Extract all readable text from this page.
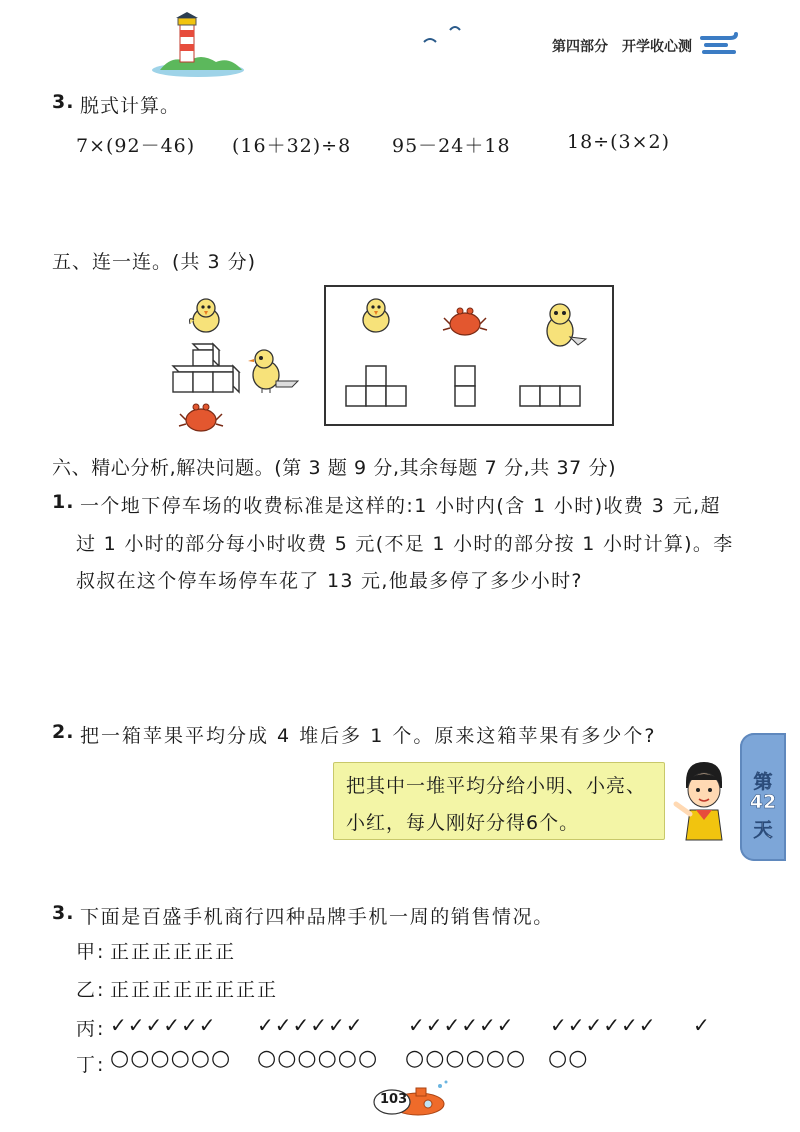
第四部分 开学收心测
3. 脱式计算。
7×(92－46) (16＋32)÷8 95－24＋18	18÷(3×2)
五、连一连。(共 3 分)
六、精心分析,解决问题。(第 3 题 9 分,其余每题 7 分,共 37 分)
1. 一个地下停车场的收费标准是这样的:1 小时内(含 1 小时)收费 3 元,超
过 1 小时的部分每小时收费 5 元(不足 1 小时的部分按 1 小时计算)。李
叔叔在这个停车场停车花了 13 元,他最多停了多少小时?
2. 把一箱苹果平均分成 4 堆后多 1 个。原来这箱苹果有多少个?
把其中一堆平均分给小明、小亮、
小红，每人刚好分得6个。
第
42
天
3. 下面是百盛手机商行四种品牌手机一周的销售情况。
甲: 正正正正正正
乙: 正正正正正正正正
丙: ✓✓✓✓✓✓ ✓✓✓✓✓✓ ✓✓✓✓✓✓ ✓✓✓✓✓✓ ✓
丁: ○○○○○○ ○○○○○○ ○○○○○○ ○○
103
